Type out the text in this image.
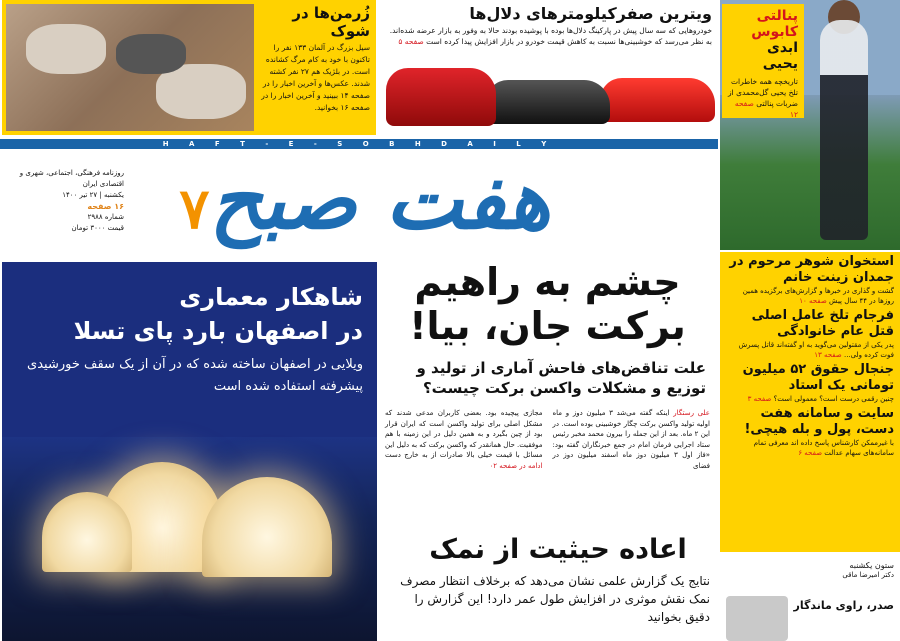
پنالتی کابوس
ابدی یحیی

تاریخچه همه خاطرات تلخ یحیی گل‌محمدی از ضربات پنالتی صفحه ۱۲

ویترین صفرکیلومترهای دلال‌ها

خودروهایی که سه سال پیش در پارکینگ دلال‌ها بوده با پوشیده بودند حالا به وفور به بازار عرضه شده‌اند. به نظر می‌رسد که خوشبینی‌ها نسبت به کاهش قیمت خودرو در بازار افزایش پیدا کرده است صفحه ۵

زُرمن‌ها در شوک

سیل بزرگ در آلمان ۱۳۳ نفر را تاکنون با خود به کام مرگ کشانده است. در بلژیک هم ۲۷ نفر کشته شدند. عکس‌ها و آخرین اخبار را در صفحه ۱۴ ببینید و آخرین اخبار را در صفحه ۱۶ بخوانید.

H A F T - E - S O B H D A I L Y
هفت صبح۷
روزنامه فرهنگی، اجتماعی، شهری و اقتصادی ایران
یکشنبه | ۲۷ تیر ۱۴۰۰
۱۶ صفحه
شماره ۲۹۸۸
قیمت ۳۰۰۰ تومان
شاهکار معماری
در اصفهان بارد پای تسلا

ویلایی در اصفهان ساخته شده که در آن از یک سقف خورشیدی پیشرفته استفاده شده است

چشم به راهیم
برکت جان، بیا!
علت تناقض‌های فاحش آماری از تولید و توزیع و مشکلات واکسن برکت چیست؟

علی رستگار اینکه گفته می‌شد ۳ میلیون دوز و ماه اولیه تولید واکسن برکت چگار خوشبینی بوده است. در این ۲ ماه. بعد از این جمله را بیرون محمد مخبر رئیس ستاد اجرایی فرمان امام در جمع خبرنگاران گفته بود: «فاز اول ۳ میلیون دوز ماه اسفند میلیون دوز در فضای

مجازی پیچیده بود. بعضی کاربران مدعی شدند که مشکل اصلی برای تولید واکسن است که ایران قرار بود از چین بگیرد و به همین دلیل در این زمینه با هم موفقیت. حال همانقدر که واکسن برکت که به دلیل این مسائل با قیمت خیلی بالا صادرات از به خارج دست ادامه در صفحه ۰۲

اعاده حیثیت از نمک

نتایج یک گزارش علمی نشان می‌دهد که برخلاف انتظار مصرف نمک نقش موثری در افزایش طول عمر دارد! این گزارش را دقیق بخوانید

استخوان شوهر مرحوم در جمدان زینت خانم

گشت و گذاری در خبرها و گزارش‌های برگزیده همین روزها در ۴۴ سال پیش صفحه ۱۰

فرجام تلخ عامل اصلی قتل عام خانوادگی

پدر یکی از مقتولین می‌گوید به او گفته‌اند قاتل پسرش فوت کرده ولی... صفحه ۱۳

جنجال حقوق ۵۲ میلیون تومانی یک استاد

چنین رقمی درست است؟ معمولی است؟ صفحه ۳

سایت و سامانه هفت دست، پول و بله هیچی!

با غیرممکن کارشناس پاسخ داده اند معرفی تمام سامانه‌های سهام عدالت صفحه ۶

ستون یکشنبه
دکتر امیرضا ماقی
صدر، راوی ماندگار
